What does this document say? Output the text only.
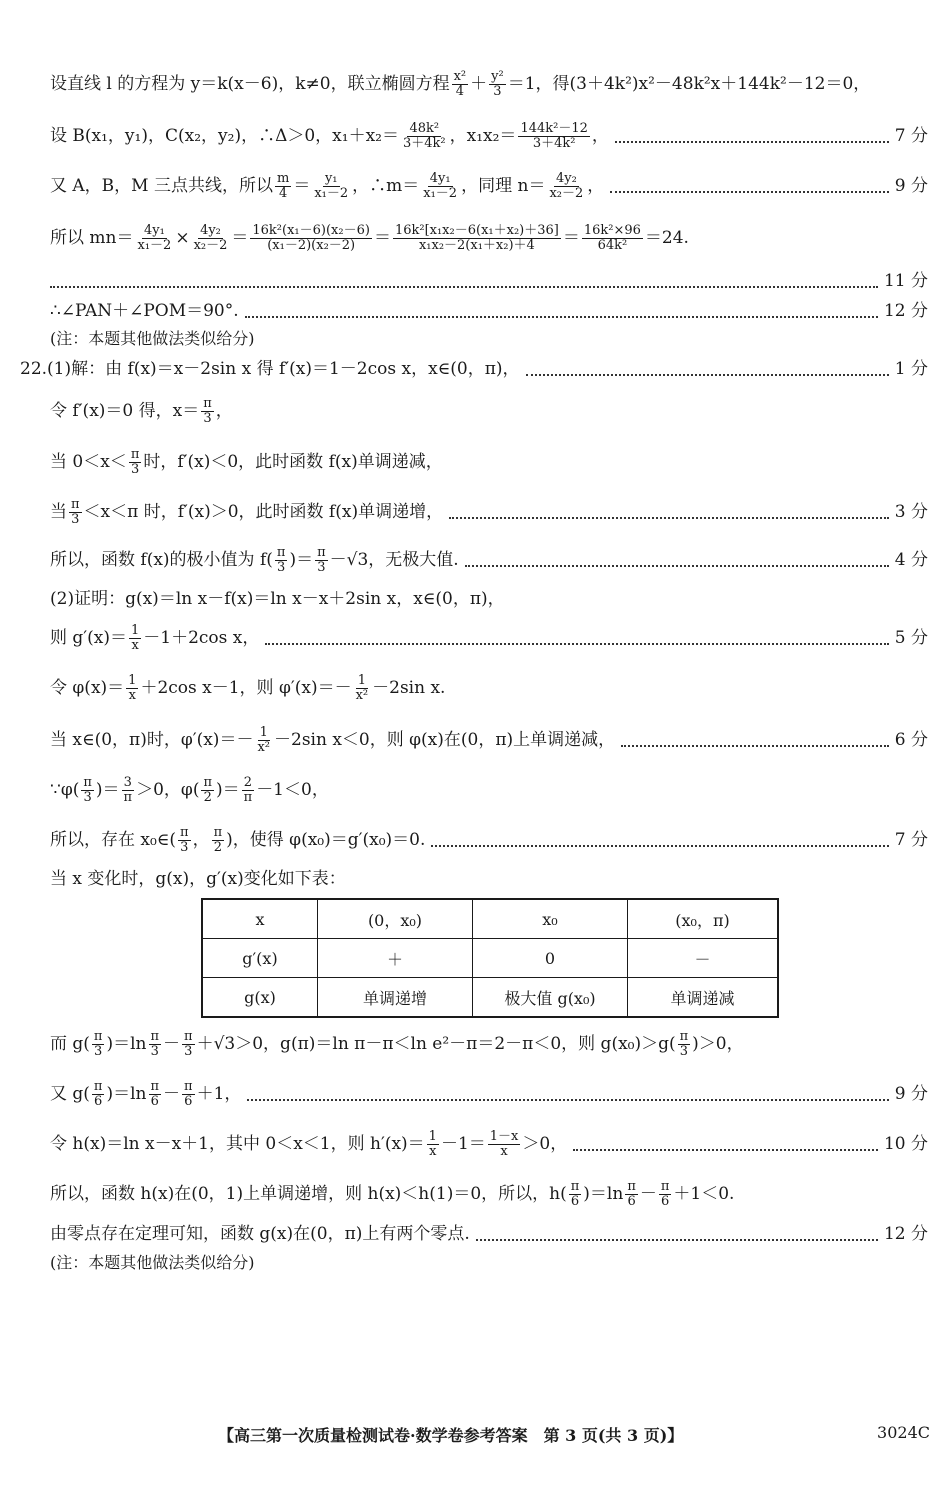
设直线 l 的方程为 y＝k(x－6)，k≠0，联立椭圆方程 $\frac{\text{x²}}{4} + \frac{\text{y²}}{3} =1$，得(3＋4k²)x²－48k²x＋144k²－12＝0，
设 B(x₁，y₁)，C(x₂，y₂)，∴Δ＞0，$x_1+x_2= \frac{\text{48k²}}{\text{3＋4k²}}$ ，$x_1x_2= \frac{\text{144k²－12}}{\text{3＋4k²}}$ ，	7 分
又 A，B，M 三点共线，所以 $\frac{m}{4} = \frac{\text{y₁}}{\text{x₁－2}}$ ，∴m＝ $\frac{\text{4y₁}}{\text{x₁－2}}$ ，同理 $n= \frac{\text{4y₂}}{\text{x₂－2}}$ ，	9 分
所以 $mn= \frac{\text{4y₁}}{\text{x₁－2}} \times \frac{\text{4y₂}}{\text{x₂－2}} = \frac{\text{16k²(x₁－6)(x₂－6)}}{\text{(x₁－2)(x₂－2)}} = \frac{\text{16k²[x₁x₂－6(x₁＋x₂)＋36]}}{\text{x₁x₂－2(x₁＋x₂)＋4}} = \frac{\text{16k²×96}}{\text{64k²}} =24$.
11 分
∴∠PAN＋∠POM＝90°.	12 分
(注：本题其他做法类似给分)
22.(1)解：由 f(x)＝x－2sin x 得 f′(x)＝1－2cos x，x∈(0，π)，	1 分
令 f′(x)＝0 得，$x= \frac{\pi}{3}$ ，
当 $0<x< \frac{\pi}{3}$ 时，f′(x)＜0，此时函数 f(x)单调递减，
当 $\frac{\pi}{3} <x<\pi$ 时，f′(x)＞0，此时函数 f(x)单调递增，	3 分
所以，函数 f(x)的极小值为 $f( \frac{\pi}{3}$ )＝ $\frac{\pi}{3} -√3$，无极大值.	4 分
(2)证明：g(x)＝ln x－f(x)＝ln x－x＋2sin x，x∈(0，π)，
则 $g'(x)= \frac{1}{x} -1+2\cos$ x，	5 分
令 $\varphi(x)= \frac{1}{x} +2\cos$ x－1，则 $\varphi'(x)=- \frac{1}{\text{x²}} -2\sin$ x.
当 x∈(0，π)时，$\varphi'(x)=- \frac{1}{\text{x²}} -2\sin$ x＜0，则 φ(x)在(0，π)上单调递减，	6 分
∵φ( $\frac{\pi}{3}$ )＝ $\frac{3}{\pi} >0$，$\varphi( \frac{\pi}{2}$ )＝ $\frac{2}{\pi} -1<0$，
所以，存在 x₀∈( $\frac{\pi}{3}$ ， $\frac{\pi}{2}$ )，使得 φ(x₀)＝g′(x₀)＝0.	7 分
当 x 变化时，g(x)，g′(x)变化如下表：
x	(0，x₀)	x₀	(x₀，π)
g′(x)	＋	0	－
g(x)	单调递增	极大值 g(x₀)	单调递减
而 $g( \frac{\pi}{3} )=\ln \frac{\pi}{3} - \frac{\pi}{3} +√3>0$，g(π)＝ln π－π＜ln e²－π＝2－π＜0，则 $g(x_0)>g( \frac{\pi}{3} )>0$，
又 $g( \frac{\pi}{6} )=\ln \frac{\pi}{6} - \frac{\pi}{6} +1$，	9 分
令 h(x)＝ln x－x＋1，其中 0＜x＜1，则 $h'(x)= \frac{1}{x} -1= \frac{1-x}{x} >0$，	10 分
所以，函数 h(x)在(0，1)上单调递增，则 h(x)＜h(1)＝0，所以，$h( \frac{\pi}{6} )=\ln \frac{\pi}{6} - \frac{\pi}{6} +1<0$.
由零点存在定理可知，函数 g(x)在(0，π)上有两个零点.	12 分
(注：本题其他做法类似给分)
【高三第一次质量检测试卷·数学卷参考答案　第 3 页(共 3 页)】	3024C
